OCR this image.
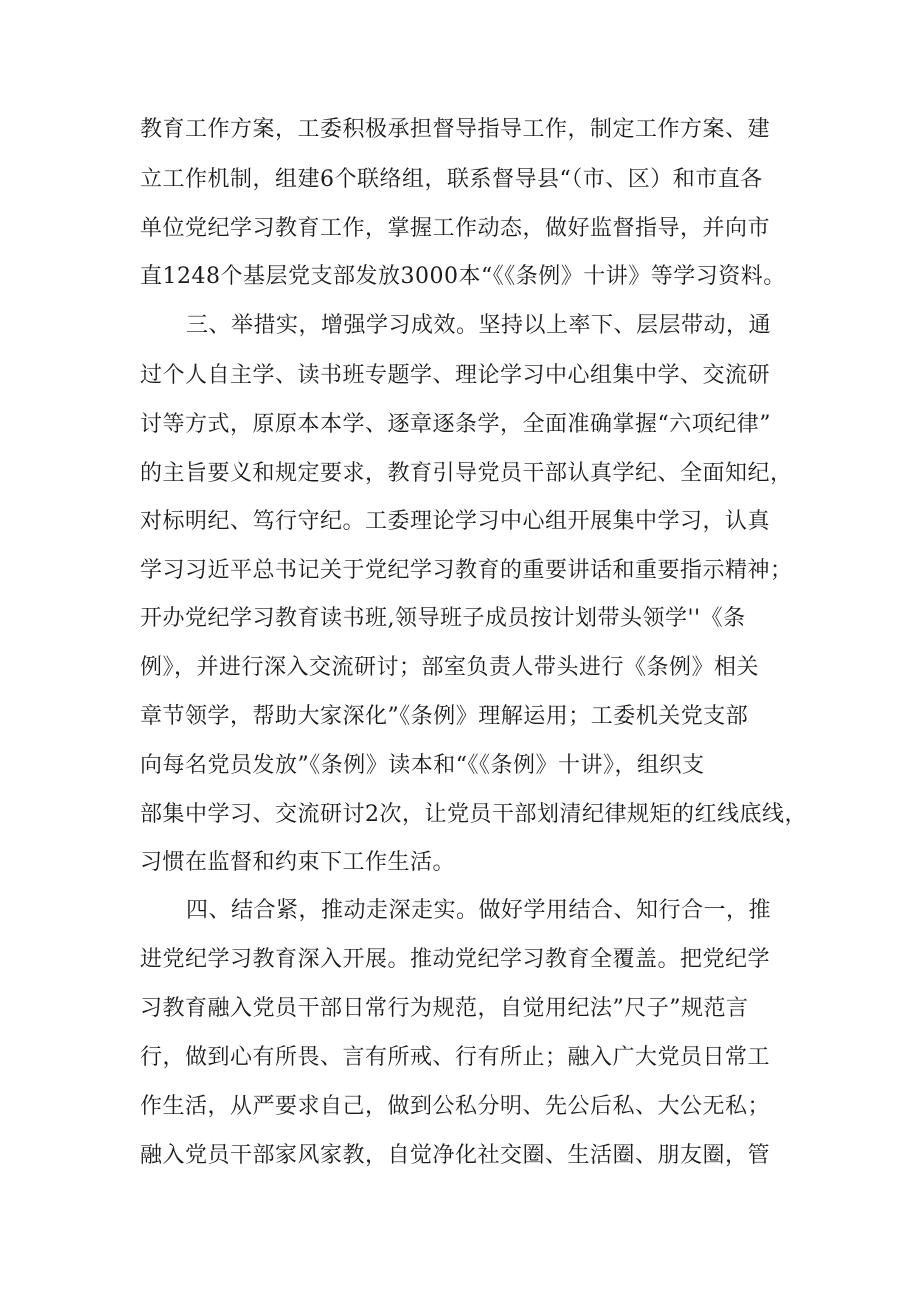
教育工作方案，工委积极承担督导指导工作，制定工作方案、建
立工作机制，组建6个联络组，联系督导县“（市、区）和市直各
单位党纪学习教育工作，掌握工作动态，做好监督指导，并向市
直1248个基层党支部发放3000本“《《条例》十讲》等学习资料。
三、举措实，增强学习成效。坚持以上率下、层层带动，通
过个人自主学、读书班专题学、理论学习中心组集中学、交流研
讨等方式，原原本本学、逐章逐条学，全面准确掌握“六项纪律”
的主旨要义和规定要求，教育引导党员干部认真学纪、全面知纪，
对标明纪、笃行守纪。工委理论学习中心组开展集中学习，认真
学习习近平总书记关于党纪学习教育的重要讲话和重要指示精神；
开办党纪学习教育读书班,领导班子成员按计划带头领学''《条
例》，并进行深入交流研讨；部室负责人带头进行《条例》相关
章节领学，帮助大家深化”《条例》理解运用；工委机关党支部
向每名党员发放”《条例》读本和“《《条例》十讲》，组织支
部集中学习、交流研讨2次，让党员干部划清纪律规矩的红线底线，
习惯在监督和约束下工作生活。
四、结合紧，推动走深走实。做好学用结合、知行合一，推
进党纪学习教育深入开展。推动党纪学习教育全覆盖。把党纪学
习教育融入党员干部日常行为规范，自觉用纪法”尺子”规范言
行，做到心有所畏、言有所戒、行有所止；融入广大党员日常工
作生活，从严要求自己，做到公私分明、先公后私、大公无私；
融入党员干部家风家教，自觉净化社交圈、生活圈、朋友圈，管
